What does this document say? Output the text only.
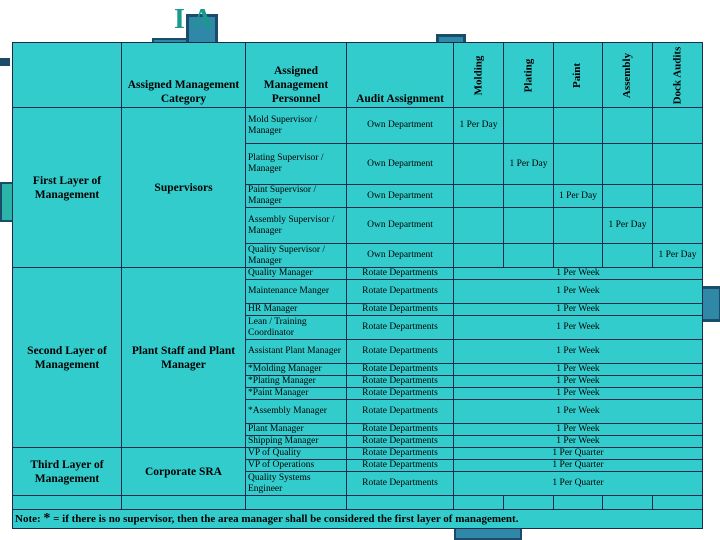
I A
	Assigned Management Category	Assigned Management Personnel	Audit Assignment	Molding	Plating	Paint	Assembly	Dock Audits

First Layer of Management	Supervisors	Mold Supervisor / Manager	Own Department	1 Per Day				
		Plating Supervisor / Manager	Own Department		1 Per Day			
		Paint Supervisor / Manager	Own Department			1 Per Day		
		Assembly Supervisor / Manager	Own Department				1 Per Day	
		Quality Supervisor / Manager	Own Department					1 Per Day
Second Layer of Management	Plant Staff and Plant Manager	Quality Manager	Rotate Departments	1 Per Week				
		Maintenance Manger	Rotate Departments	1 Per Week				
		HR Manager	Rotate Departments	1 Per Week				
		Lean / Training Coordinator	Rotate Departments	1 Per Week				
		Assistant Plant Manager	Rotate Departments	1 Per Week				
		*Molding Manager	Rotate Departments	1 Per Week				
		*Plating Manager	Rotate Departments	1 Per Week				
		*Paint Manager	Rotate Departments	1 Per Week				
		*Assembly Manager	Rotate Departments	1 Per Week				
		Plant Manager	Rotate Departments	1 Per Week				
		Shipping Manager	Rotate Departments	1 Per Week				
Third Layer of Management	Corporate SRA	VP of Quality	Rotate Departments	1 Per Quarter				
		VP of Operations	Rotate Departments	1 Per Quarter				
		Quality Systems Engineer	Rotate Departments	1 Per Quarter				

Note: * = if there is no supervisor, then the area manager shall be considered the first layer of management.								
